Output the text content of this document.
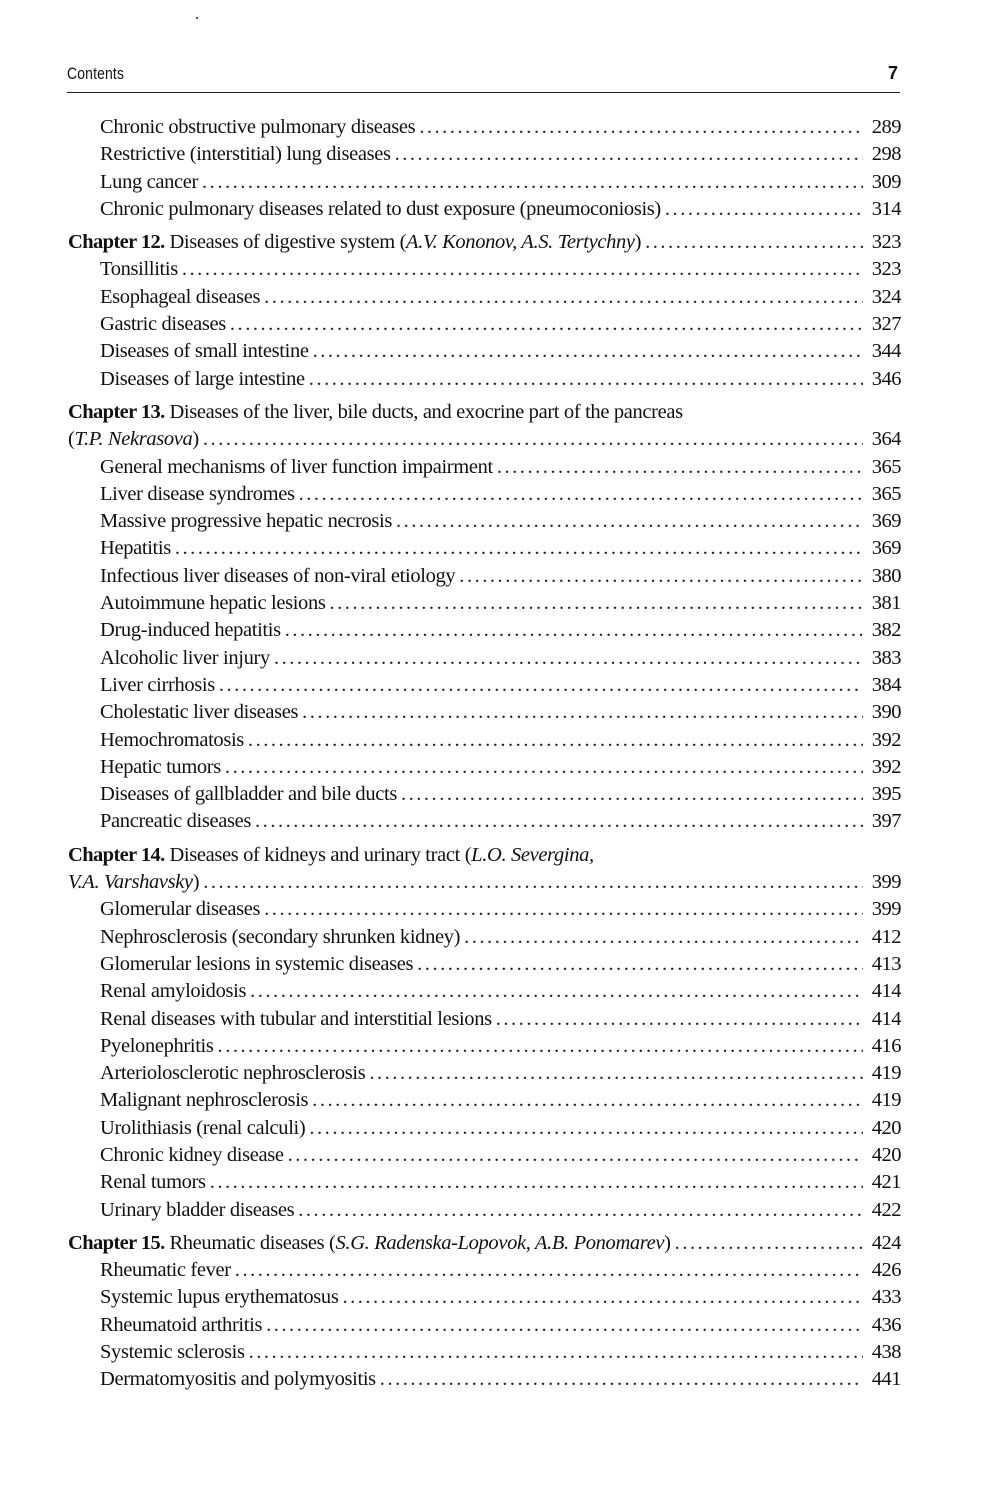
Contents	7
Chronic obstructive pulmonary diseases . . .	289
Restrictive (interstitial) lung diseases . . .	298
Lung cancer . . .	309
Chronic pulmonary diseases related to dust exposure (pneumoconiosis) . . .	314
Chapter 12. Diseases of digestive system (A.V. Kononov, A.S. Tertychny) . . .	323
Tonsillitis . . .	323
Esophageal diseases . . .	324
Gastric diseases . . .	327
Diseases of small intestine . . .	344
Diseases of large intestine . . .	346
Chapter 13. Diseases of the liver, bile ducts, and exocrine part of the pancreas
(T.P. Nekrasova) . . .	364
General mechanisms of liver function impairment . . .	365
Liver disease syndromes . . .	365
Massive progressive hepatic necrosis . . .	369
Hepatitis . . .	369
Infectious liver diseases of non-viral etiology . . .	380
Autoimmune hepatic lesions . . .	381
Drug-induced hepatitis . . .	382
Alcoholic liver injury . . .	383
Liver cirrhosis . . .	384
Cholestatic liver diseases . . .	390
Hemochromatosis . . .	392
Hepatic tumors . . .	392
Diseases of gallbladder and bile ducts . . .	395
Pancreatic diseases . . .	397
Chapter 14. Diseases of kidneys and urinary tract (L.O. Severgina,
V.A. Varshavsky) . . .	399
Glomerular diseases . . .	399
Nephrosclerosis (secondary shrunken kidney) . . .	412
Glomerular lesions in systemic diseases . . .	413
Renal amyloidosis . . .	414
Renal diseases with tubular and interstitial lesions . . .	414
Pyelonephritis . . .	416
Arteriolosclerotic nephrosclerosis . . .	419
Malignant nephrosclerosis . . .	419
Urolithiasis (renal calculi) . . .	420
Chronic kidney disease . . .	420
Renal tumors . . .	421
Urinary bladder diseases . . .	422
Chapter 15. Rheumatic diseases (S.G. Radenska-Lopovok, A.B. Ponomarev) . . .	424
Rheumatic fever . . .	426
Systemic lupus erythematosus . . .	433
Rheumatoid arthritis . . .	436
Systemic sclerosis . . .	438
Dermatomyositis and polymyositis . . .	441
